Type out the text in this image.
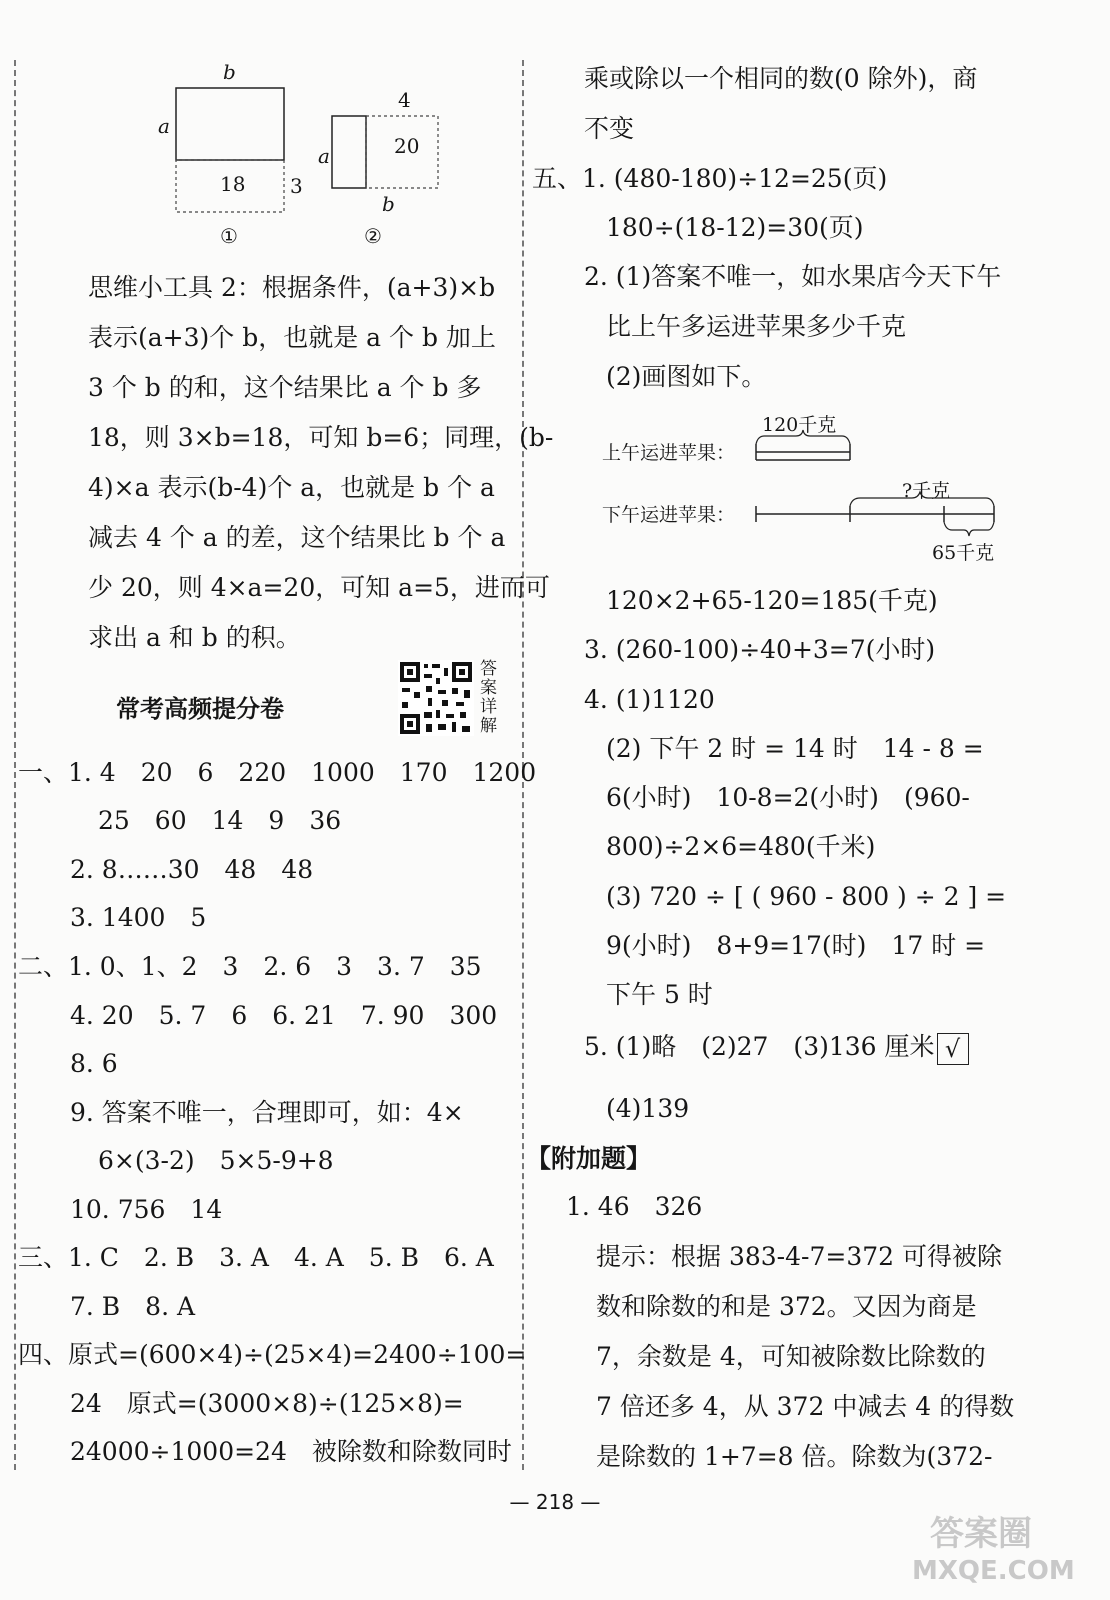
b
a
18 3
①
4
a	20
b
②
思维小工具 2：根据条件，(a+3)×b
表示(a+3)个 b，也就是 a 个 b 加上
3 个 b 的和，这个结果比 a 个 b 多
18，则 3×b=18，可知 b=6；同理，(b-
4)×a 表示(b-4)个 a，也就是 b 个 a
减去 4 个 a 的差，这个结果比 b 个 a
少 20，则 4×a=20，可知 a=5，进而可
求出 a 和 b 的积。
常考高频提分卷
答案详解
一、1. 4　20　6　220　1000　170　1200
25　60　14　9　36
2. 8……30　48　48
3. 1400　5
二、1. 0、1、2　3　2. 6　3　3. 7　35
4. 20　5. 7　6　6. 21　7. 90　300
8. 6
9. 答案不唯一，合理即可，如：4×
6×(3-2)　5×5-9+8
10. 756　14
三、1. C　2. B　3. A　4. A　5. B　6. A
7. B　8. A
四、原式=(600×4)÷(25×4)=2400÷100=
24　原式=(3000×8)÷(125×8)=
24000÷1000=24　被除数和除数同时
乘或除以一个相同的数(0 除外)，商
不变
五、1. (480-180)÷12=25(页)
180÷(18-12)=30(页)
2. (1)答案不唯一，如水果店今天下午
比上午多运进苹果多少千克
(2)画图如下。
上午运进苹果：
下午运进苹果：
120千克
?千克
65千克
120×2+65-120=185(千克)
3. (260-100)÷40+3=7(小时)
4. (1)1120
(2) 下午 2 时 = 14 时　14 - 8 =
6(小时)　10-8=2(小时)　(960-
800)÷2×6=480(千米)
(3) 720 ÷ [ ( 960 - 800 ) ÷ 2 ] =
9(小时)　8+9=17(时)　17 时 =
下午 5 时
5. (1)略　(2)27　(3)136 厘米 √
(4)139
【附加题】
1. 46　326
提示：根据 383-4-7=372 可得被除
数和除数的和是 372。又因为商是
7，余数是 4，可知被除数比除数的
7 倍还多 4，从 372 中减去 4 的得数
是除数的 1+7=8 倍。除数为(372-
— 218 —
答案圈
MXQE.COM
